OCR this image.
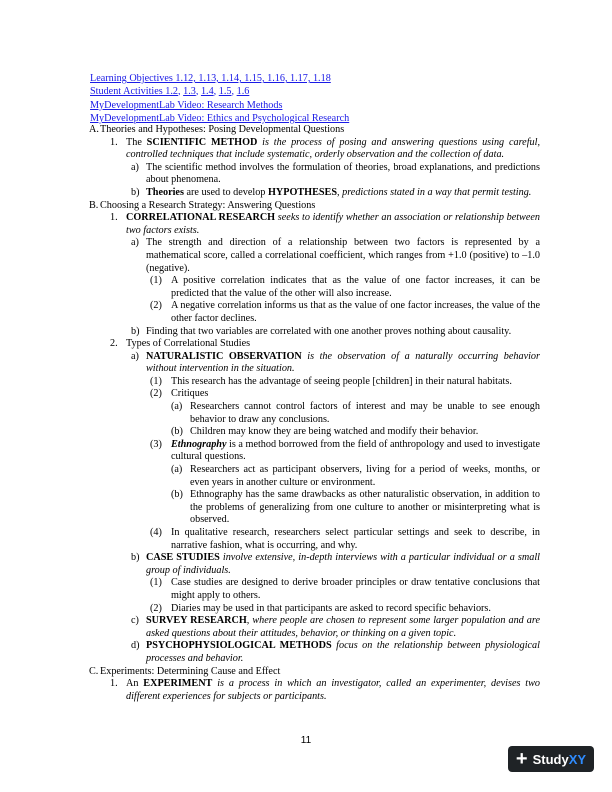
Learning Objectives 1.12, 1.13, 1.14, 1.15, 1.16, 1.17, 1.18
Student Activities 1.2, 1.3, 1.4, 1.5, 1.6
MyDevelopmentLab Video: Research Methods
MyDevelopmentLab Video: Ethics and Psychological Research
A. Theories and Hypotheses: Posing Developmental Questions
1. The SCIENTIFIC METHOD is the process of posing and answering questions using careful, controlled techniques that include systematic, orderly observation and the collection of data.
a) The scientific method involves the formulation of theories, broad explanations, and predictions about phenomena.
b) Theories are used to develop HYPOTHESES, predictions stated in a way that permit testing.
B. Choosing a Research Strategy: Answering Questions
1. CORRELATIONAL RESEARCH seeks to identify whether an association or relationship between two factors exists.
a) The strength and direction of a relationship between two factors is represented by a mathematical score, called a correlational coefficient, which ranges from +1.0 (positive) to –1.0 (negative).
(1) A positive correlation indicates that as the value of one factor increases, it can be predicted that the value of the other will also increase.
(2) A negative correlation informs us that as the value of one factor increases, the value of the other factor declines.
b) Finding that two variables are correlated with one another proves nothing about causality.
2. Types of Correlational Studies
a) NATURALISTIC OBSERVATION is the observation of a naturally occurring behavior without intervention in the situation.
(1) This research has the advantage of seeing people [children] in their natural habitats.
(2) Critiques
(a) Researchers cannot control factors of interest and may be unable to see enough behavior to draw any conclusions.
(b) Children may know they are being watched and modify their behavior.
(3) Ethnography is a method borrowed from the field of anthropology and used to investigate cultural questions.
(a) Researchers act as participant observers, living for a period of weeks, months, or even years in another culture or environment.
(b) Ethnography has the same drawbacks as other naturalistic observation, in addition to the problems of generalizing from one culture to another or misinterpreting what is observed.
(4) In qualitative research, researchers select particular settings and seek to describe, in narrative fashion, what is occurring, and why.
b) CASE STUDIES involve extensive, in-depth interviews with a particular individual or a small group of individuals.
(1) Case studies are designed to derive broader principles or draw tentative conclusions that might apply to others.
(2) Diaries may be used in that participants are asked to record specific behaviors.
c) SURVEY RESEARCH, where people are chosen to represent some larger population and are asked questions about their attitudes, behavior, or thinking on a given topic.
d) PSYCHOPHYSIOLOGICAL METHODS focus on the relationship between physiological processes and behavior.
C. Experiments: Determining Cause and Effect
1. An EXPERIMENT is a process in which an investigator, called an experimenter, devises two different experiences for subjects or participants.
11
+ StudyXY
